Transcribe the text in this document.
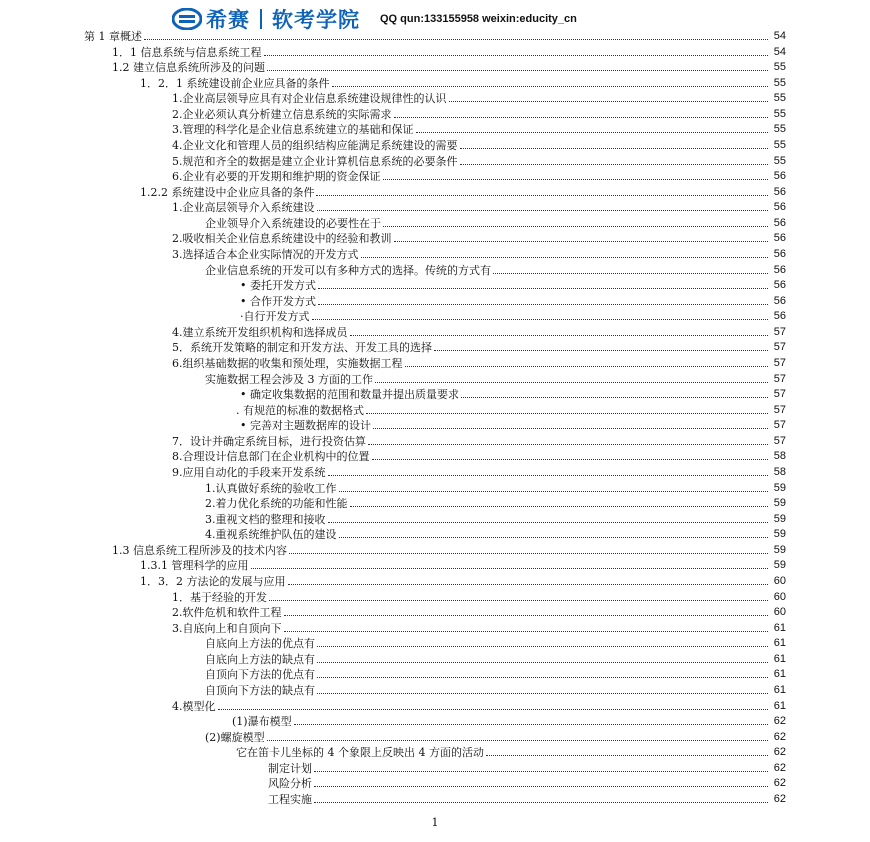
希赛 软考学院 QQ qun:133155958 weixin:educity_cn
第 1 章概述	54
1．1 信息系统与信息系统工程	54
1.2 建立信息系统所涉及的问题	55
1．2．1 系统建设前企业应具备的条件	55
1.企业高层领导应具有对企业信息系统建设规律性的认识	55
2.企业必须认真分析建立信息系统的实际需求	55
3.管理的科学化是企业信息系统建立的基础和保证	55
4.企业文化和管理人员的组织结构应能满足系统建设的需要	55
5.规范和齐全的数据是建立企业计算机信息系统的必要条件	55
6.企业有必要的开发期和维护期的资金保证	56
1.2.2 系统建设中企业应具备的条件	56
1.企业高层领导介入系统建设	56
企业领导介入系统建设的必要性在于	56
2.吸收相关企业信息系统建设中的经验和教训	56
3.选择适合本企业实际情况的开发方式	56
企业信息系统的开发可以有多种方式的选择。传统的方式有	56
• 委托开发方式	56
• 合作开发方式	56
·自行开发方式	56
4.建立系统开发组织机构和选择成员	57
5．系统开发策略的制定和开发方法、开发工具的选择	57
6.组织基础数据的收集和预处理，实施数据工程	57
实施数据工程会涉及 3 方面的工作	57
• 确定收集数据的范围和数量并提出质量要求	57
. 有规范的标准的数据格式	57
• 完善对主题数据库的设计	57
7．设计并确定系统目标，进行投资估算	57
8.合理设计信息部门在企业机构中的位置	58
9.应用自动化的手段来开发系统	58
1.认真做好系统的验收工作	59
2.着力优化系统的功能和性能	59
3.重视文档的整理和接收	59
4.重视系统维护队伍的建设	59
1.3 信息系统工程所涉及的技术内容	59
1.3.1 管理科学的应用	59
1．3．2 方法论的发展与应用	60
1．基于经验的开发	60
2.软件危机和软件工程	60
3.自底向上和自顶向下	61
自底向上方法的优点有	61
自底向上方法的缺点有	61
自顶向下方法的优点有	61
自顶向下方法的缺点有	61
4.模型化	61
(1)瀑布模型	62
(2)螺旋模型	62
它在笛卡儿坐标的 4 个象限上反映出 4 方面的活动	62
制定计划	62
风险分析	62
工程实施	62
1
